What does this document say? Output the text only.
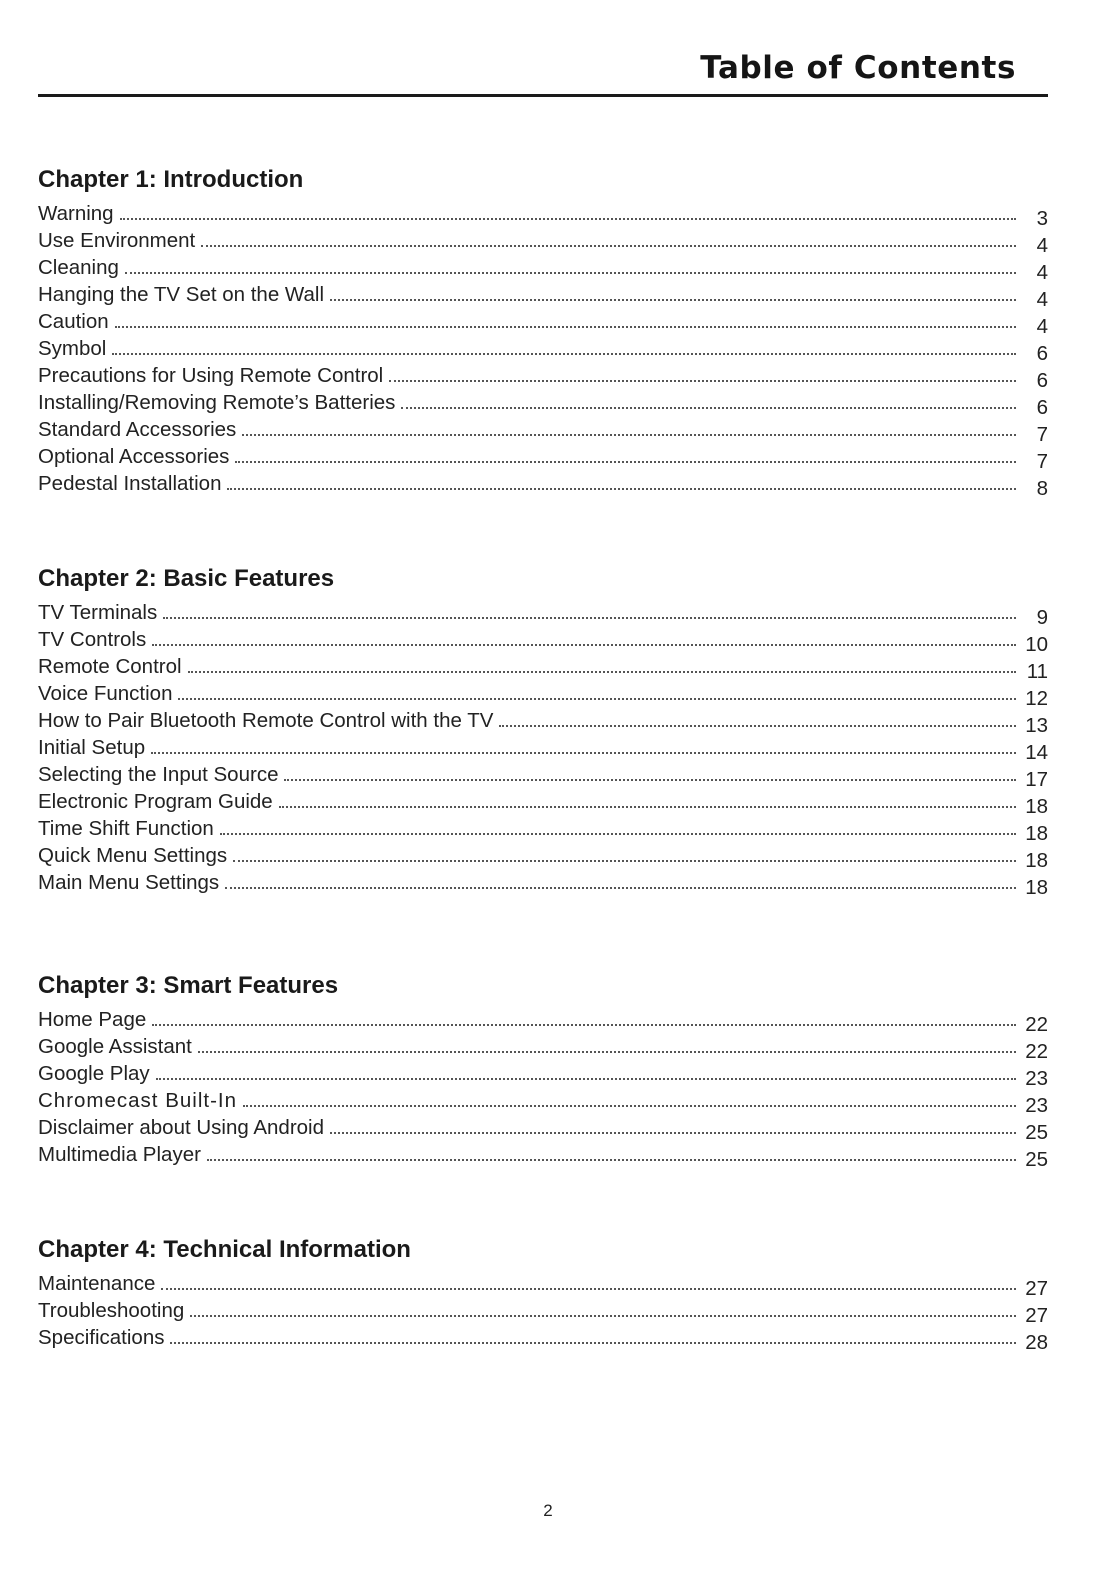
Table of Contents
Chapter 1: Introduction
Warning	3
Use Environment	4
Cleaning	4
Hanging the TV Set on the Wall	4
Caution	4
Symbol	6
Precautions for Using Remote Control	6
Installing/Removing Remote’s Batteries	6
Standard Accessories	7
Optional Accessories	7
Pedestal Installation	8
Chapter 2: Basic Features
TV Terminals	9
TV Controls	10
Remote Control	11
Voice Function	12
How to Pair Bluetooth Remote Control with the TV	13
Initial Setup	14
Selecting the Input Source	17
Electronic Program Guide	18
Time Shift Function	18
Quick Menu Settings	18
Main Menu Settings	18
Chapter 3: Smart Features
Home Page	22
Google Assistant	22
Google Play	23
Chromecast Built-In	23
Disclaimer about Using Android	25
Multimedia Player	25
Chapter 4: Technical Information
Maintenance	27
Troubleshooting	27
Specifications	28
2
